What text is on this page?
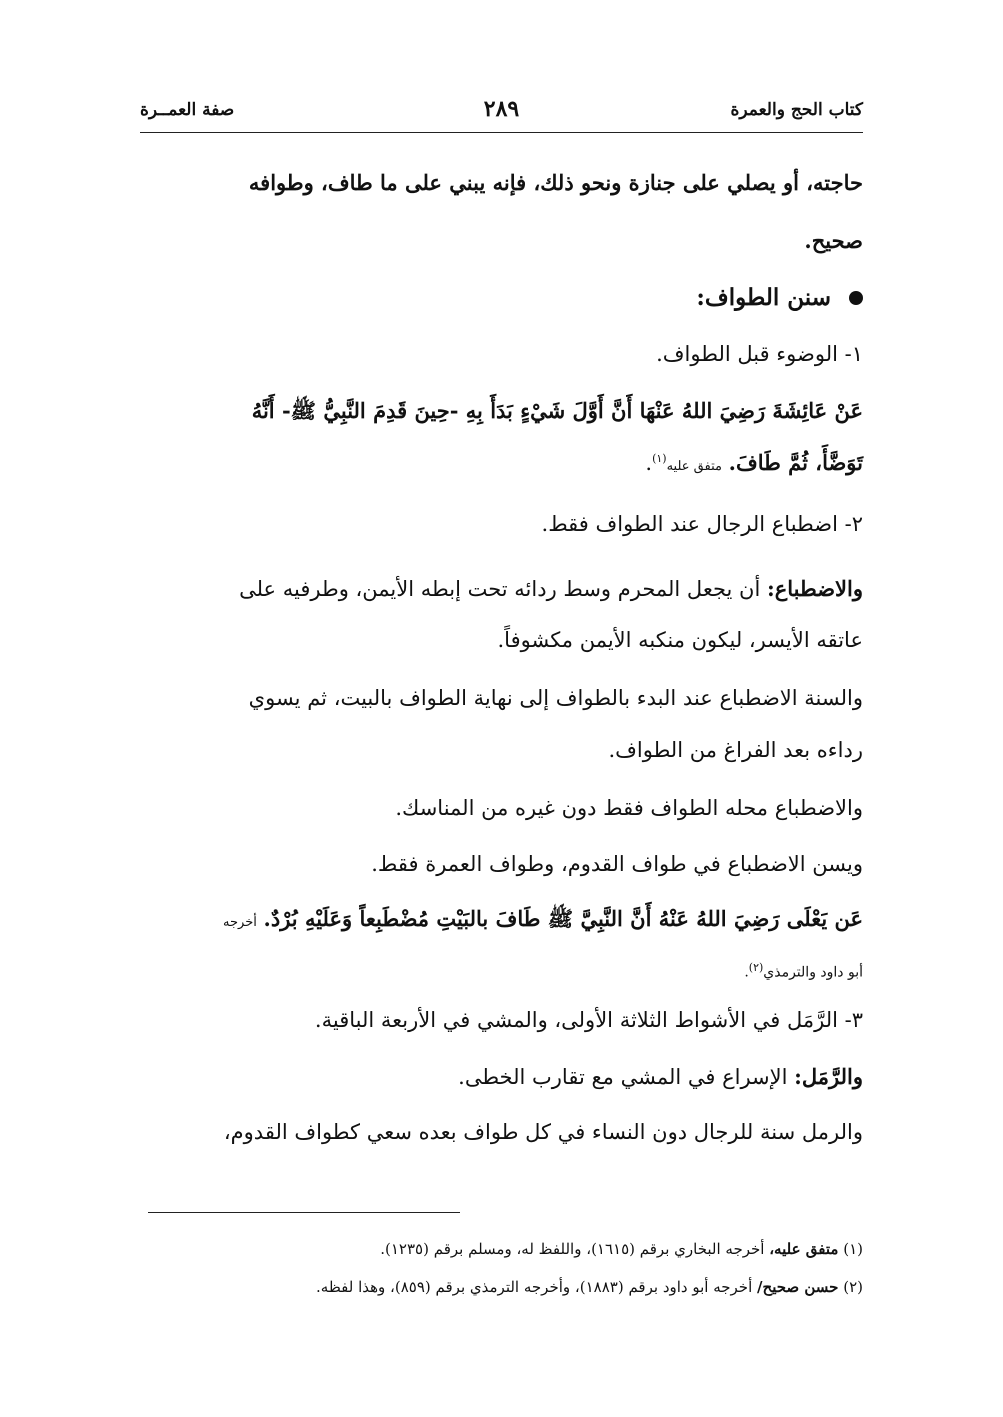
كتاب الحج والعمرة
٢٨٩
صفة العمــرة
حاجته، أو يصلي على جنازة ونحو ذلك، فإنه يبني على ما طاف، وطوافه
صحيح.
سنن الطواف:
١- الوضوء قبل الطواف.
عَنْ عَائِشَةَ رَضِيَ اللهُ عَنْهَا أَنَّ أَوَّلَ شَيْءٍ بَدَأَ بِهِ -حِينَ قَدِمَ النَّبِيُّ ﷺ- أَنَّهُ
تَوَضَّأَ، ثُمَّ طَافَ. متفق عليه$^{(١)}$.
٢- اضطباع الرجال عند الطواف فقط.
والاضطباع: أن يجعل المحرم وسط ردائه تحت إبطه الأيمن، وطرفيه على
عاتقه الأيسر، ليكون منكبه الأيمن مكشوفاً.
والسنة الاضطباع عند البدء بالطواف إلى نهاية الطواف بالبيت، ثم يسوي
رداءه بعد الفراغ من الطواف.
والاضطباع محله الطواف فقط دون غيره من المناسك.
ويسن الاضطباع في طواف القدوم، وطواف العمرة فقط.
عَن يَعْلَى رَضِيَ اللهُ عَنْهُ أَنَّ النَّبِيَّ ﷺ طَافَ بالبَيْتِ مُضْطَبِعاً وَعَلَيْهِ بُرْدٌ. أخرجه
أبو داود والترمذي$^{(٢)}$.
٣- الرَّمَل في الأشواط الثلاثة الأولى، والمشي في الأربعة الباقية.
والرَّمَل: الإسراع في المشي مع تقارب الخطى.
والرمل سنة للرجال دون النساء في كل طواف بعده سعي كطواف القدوم،
(١) متفق عليه، أخرجه البخاري برقم (١٦١٥)، واللفظ له، ومسلم برقم (١٢٣٥).
(٢) حسن صحيح/ أخرجه أبو داود برقم (١٨٨٣)، وأخرجه الترمذي برقم (٨٥٩)، وهذا لفظه.
